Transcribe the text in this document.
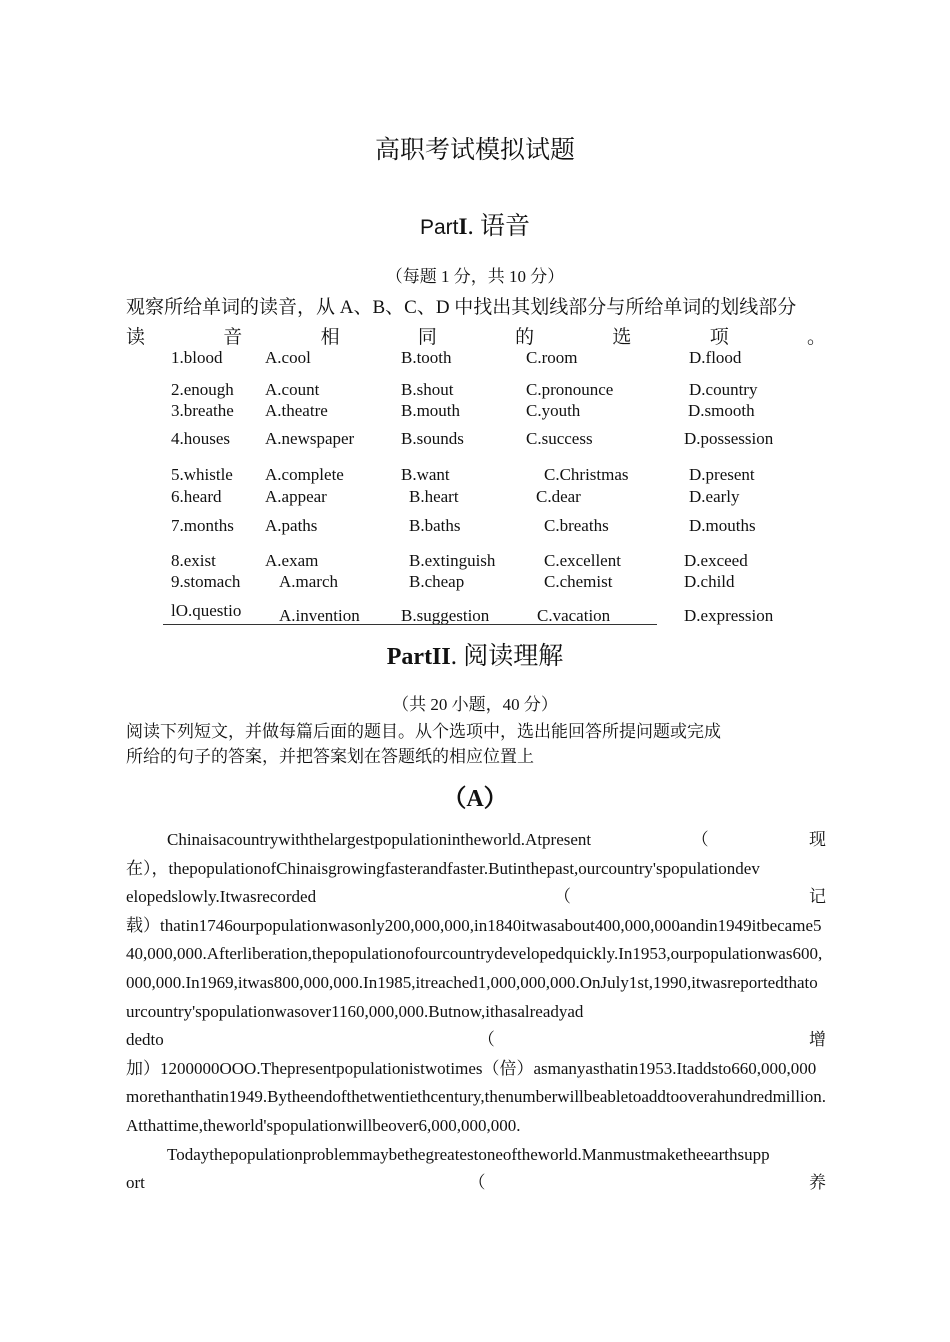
高职考试模拟试题
PartI. 语音
（每题 1 分，共 10 分）
观察所给单词的读音，从 A、B、C、D 中找出其划线部分与所给单词的划线部分
读	音	相	同	的	选	项	。
1.blood	A.cool	B.tooth	C.room	D.flood
2.enough A.count	B.shout	C.pronounce	D.country
3.breathe A.theatre	B.mouth	C.youth	D.smooth
4.houses A.newspaper	B.sounds	C.success	D.possession
5.whistle A.complete	B.want	C.Christmas	D.present
6.heard	A.appear	B.heart	C.dear	D.early
7.months A.paths	B.baths	C.breaths	D.mouths
8.exist	A.exam	B.extinguish	C.excellent	D.exceed
9.stomach A.march	B.cheap	C.chemist	D.child
lO.questio A.invention B.suggestion	C.vacation	D.expression
PartII. 阅读理解
（共 20 小题，40 分）
阅读下列短文，并做每篇后面的题目。从个选项中，选出能回答所提问题或完成
所给的句子的答案，并把答案划在答题纸的相应位置上
（A）

Chinaisacountrywiththelargestpopulationintheworld.Atpresent	（	现

在），thepopulationofChinaisgrowingfasterandfaster.Butinthepast,ourcountry'spopulationdev

elopedslowly.Itwasrecorded	（	记

载）thatin1746ourpopulationwasonly200,000,000,in1840itwasabout400,000,000andin1949itbecame540,000,000.Afterliberation,thepopulationofourcountrydevelopedquickly.In1953,ourpopulationwas600,000,000.In1969,itwas800,000,000.In1985,itreached1,000,000,000.OnJuly1st,1990,itwasreportedthatourcountry'spopulationwasover1160,000,000.Butnow,ithasalreadyad

dedto	（	增

加）1200000OOO.Thepresentpopulationistwotimes（倍）asmanyasthatin1953.Itaddsto660,000,000morethanthatin1949.Bytheendofthetwentiethcentury,thenumberwillbeabletoaddtooverahundredmillion.Atthattime,theworld'spopulationwillbeover6,000,000,000.

Todaythepopulationproblemmaybethegreatestoneoftheworld.Manmustmaketheearthsupp

ort	（	养
